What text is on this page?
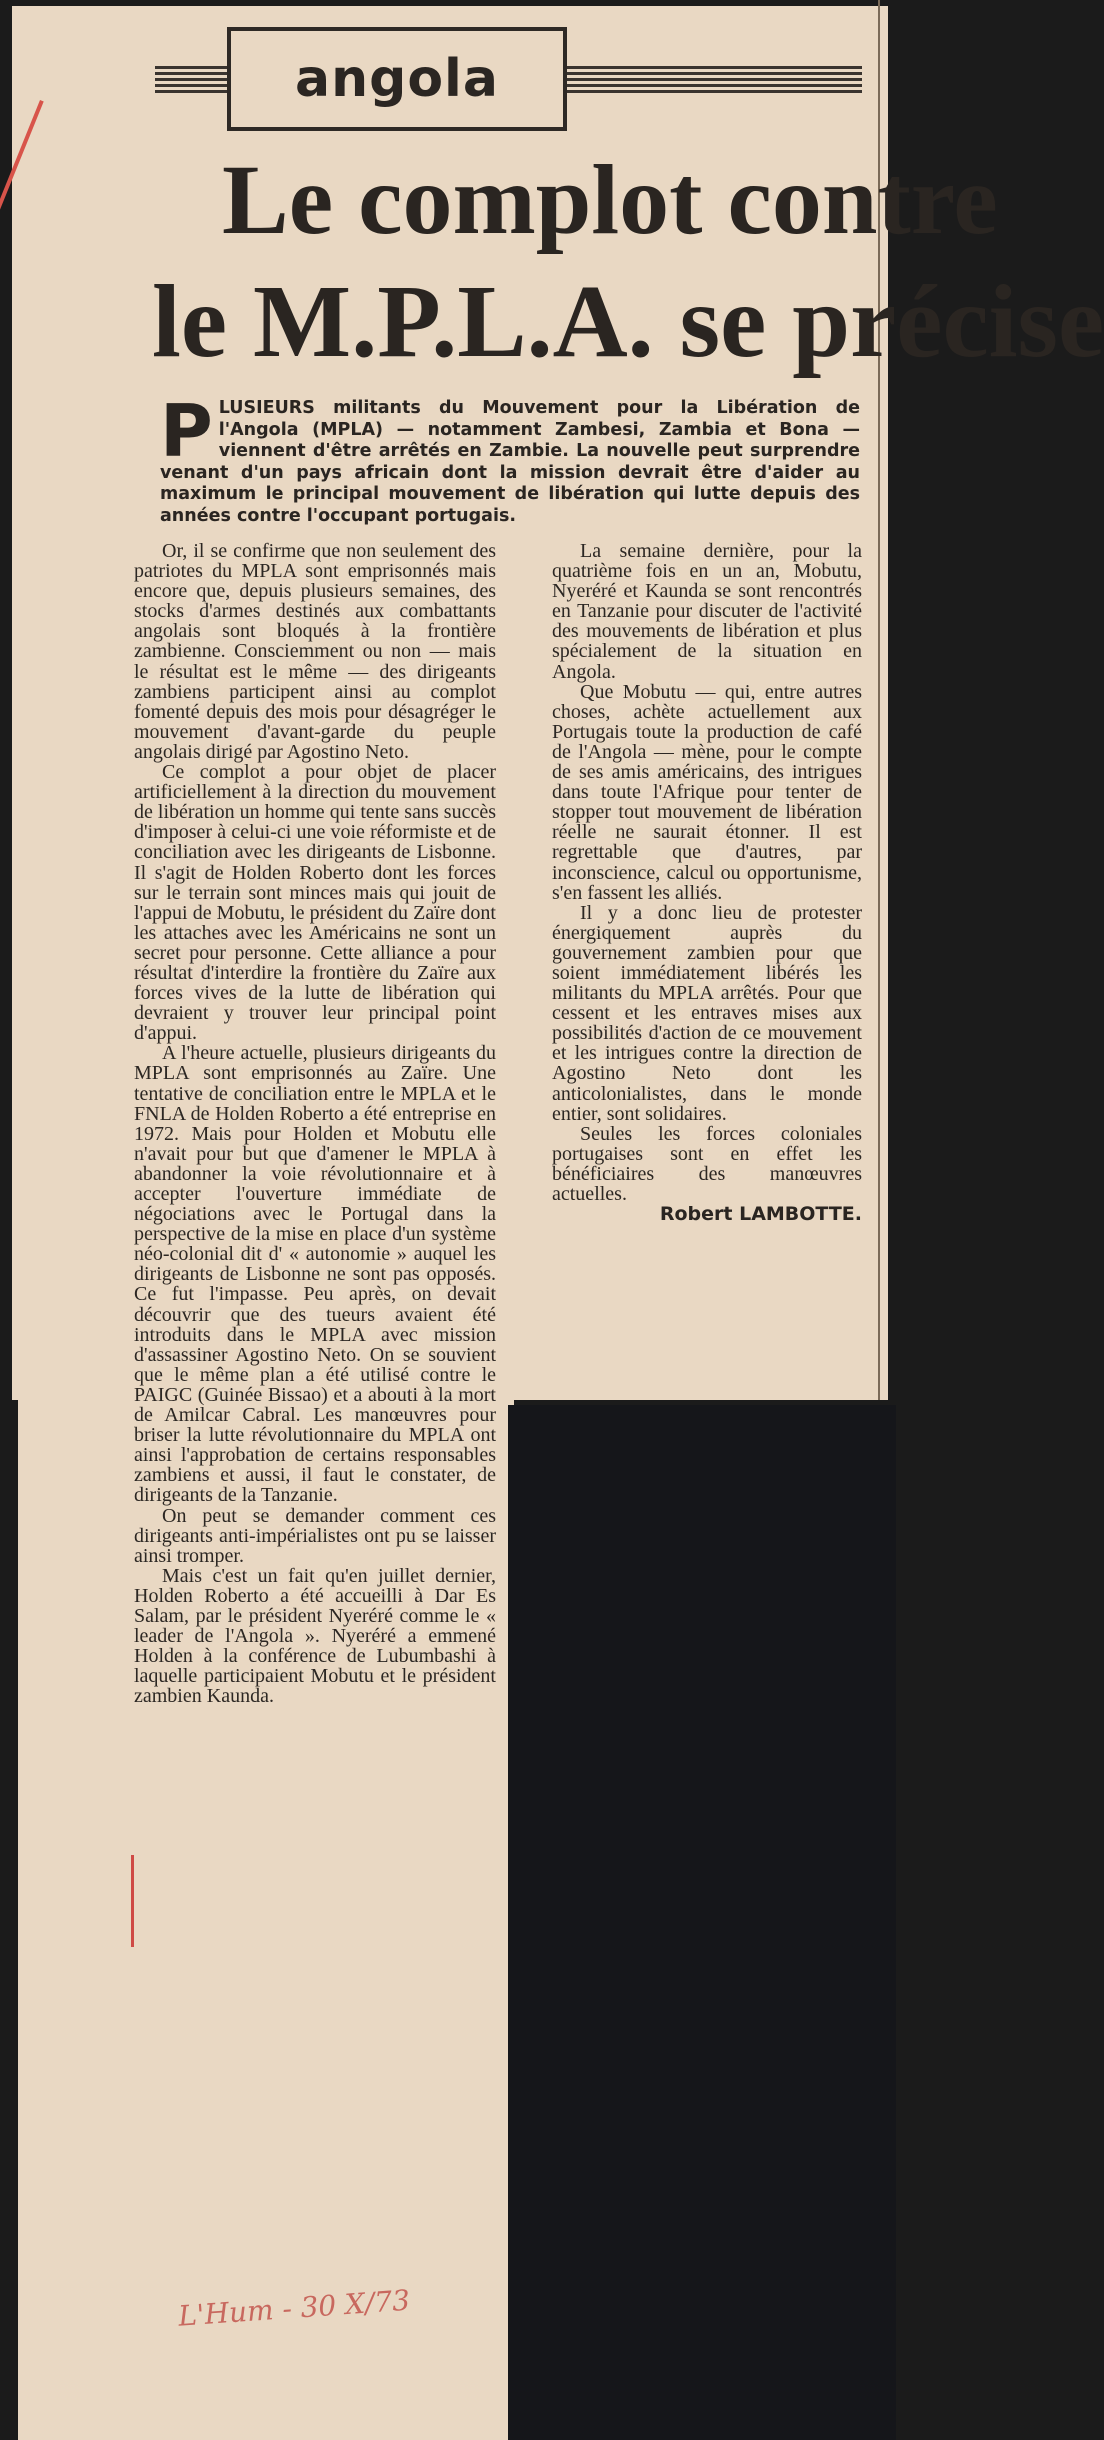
angola
Le complot contre
le M.P.L.A. se précise
P LUSIEURS militants du Mouvement pour la Libération de l'Angola (MPLA) — notamment Zambesi, Zambia et Bona — viennent d'être arrêtés en Zambie. La nouvelle peut surprendre venant d'un pays africain dont la mission devrait être d'aider au maximum le principal mouvement de libération qui lutte depuis des années contre l'occupant portugais.

Or, il se confirme que non seulement des patriotes du MPLA sont emprisonnés mais encore que, depuis plusieurs semaines, des stocks d'armes destinés aux combattants angolais sont bloqués à la frontière zambienne. Consciemment ou non — mais le résultat est le même — des dirigeants zambiens participent ainsi au complot fomenté depuis des mois pour désagréger le mouvement d'avant-garde du peuple angolais dirigé par Agostino Neto.

Ce complot a pour objet de placer artificiellement à la direction du mouvement de libération un homme qui tente sans succès d'imposer à celui-ci une voie réformiste et de conciliation avec les dirigeants de Lisbonne. Il s'agit de Holden Roberto dont les forces sur le terrain sont minces mais qui jouit de l'appui de Mobutu, le président du Zaïre dont les attaches avec les Américains ne sont un secret pour personne. Cette alliance a pour résultat d'interdire la frontière du Zaïre aux forces vives de la lutte de libération qui devraient y trouver leur principal point d'appui.

A l'heure actuelle, plusieurs dirigeants du MPLA sont emprisonnés au Zaïre. Une tentative de conciliation entre le MPLA et le FNLA de Holden Roberto a été entreprise en 1972. Mais pour Holden et Mobutu elle n'avait pour but que d'amener le MPLA à abandonner la voie révolutionnaire et à accepter l'ouverture immédiate de négociations avec le Portugal dans la perspective de la mise en place d'un système néo-colonial dit d' « autonomie » auquel les dirigeants de Lisbonne ne sont pas opposés. Ce fut l'impasse. Peu après, on devait découvrir que des tueurs avaient été introduits dans le MPLA avec mission d'assassiner Agostino Neto. On se souvient que le même plan a été utilisé contre le PAIGC (Guinée Bissao) et a abouti à la mort de Amilcar Cabral. Les manœuvres pour briser la lutte révolutionnaire du MPLA ont ainsi l'approbation de certains responsables zambiens et aussi, il faut le constater, de dirigeants de la Tanzanie.

On peut se demander comment ces dirigeants anti-impérialistes ont pu se laisser ainsi tromper.

Mais c'est un fait qu'en juillet dernier, Holden Roberto a été accueilli à Dar Es Salam, par le président Nyeréré comme le « leader de l'Angola ». Nyeréré a emmené Holden à la conférence de Lubumbashi à laquelle participaient Mobutu et le président zambien Kaunda.

La semaine dernière, pour la quatrième fois en un an, Mobutu, Nyeréré et Kaunda se sont rencontrés en Tanzanie pour discuter de l'activité des mouvements de libération et plus spécialement de la situation en Angola.

Que Mobutu — qui, entre autres choses, achète actuellement aux Portugais toute la production de café de l'Angola — mène, pour le compte de ses amis américains, des intrigues dans toute l'Afrique pour tenter de stopper tout mouvement de libération réelle ne saurait étonner. Il est regrettable que d'autres, par inconscience, calcul ou opportunisme, s'en fassent les alliés.

Il y a donc lieu de protester énergiquement auprès du gouvernement zambien pour que soient immédiatement libérés les militants du MPLA arrêtés. Pour que cessent et les entraves mises aux possibilités d'action de ce mouvement et les intrigues contre la direction de Agostino Neto dont les anticolonialistes, dans le monde entier, sont solidaires.

Seules les forces coloniales portugaises sont en effet les bénéficiaires des manœuvres actuelles.

Robert LAMBOTTE.

L'Hum - 30 X/73
